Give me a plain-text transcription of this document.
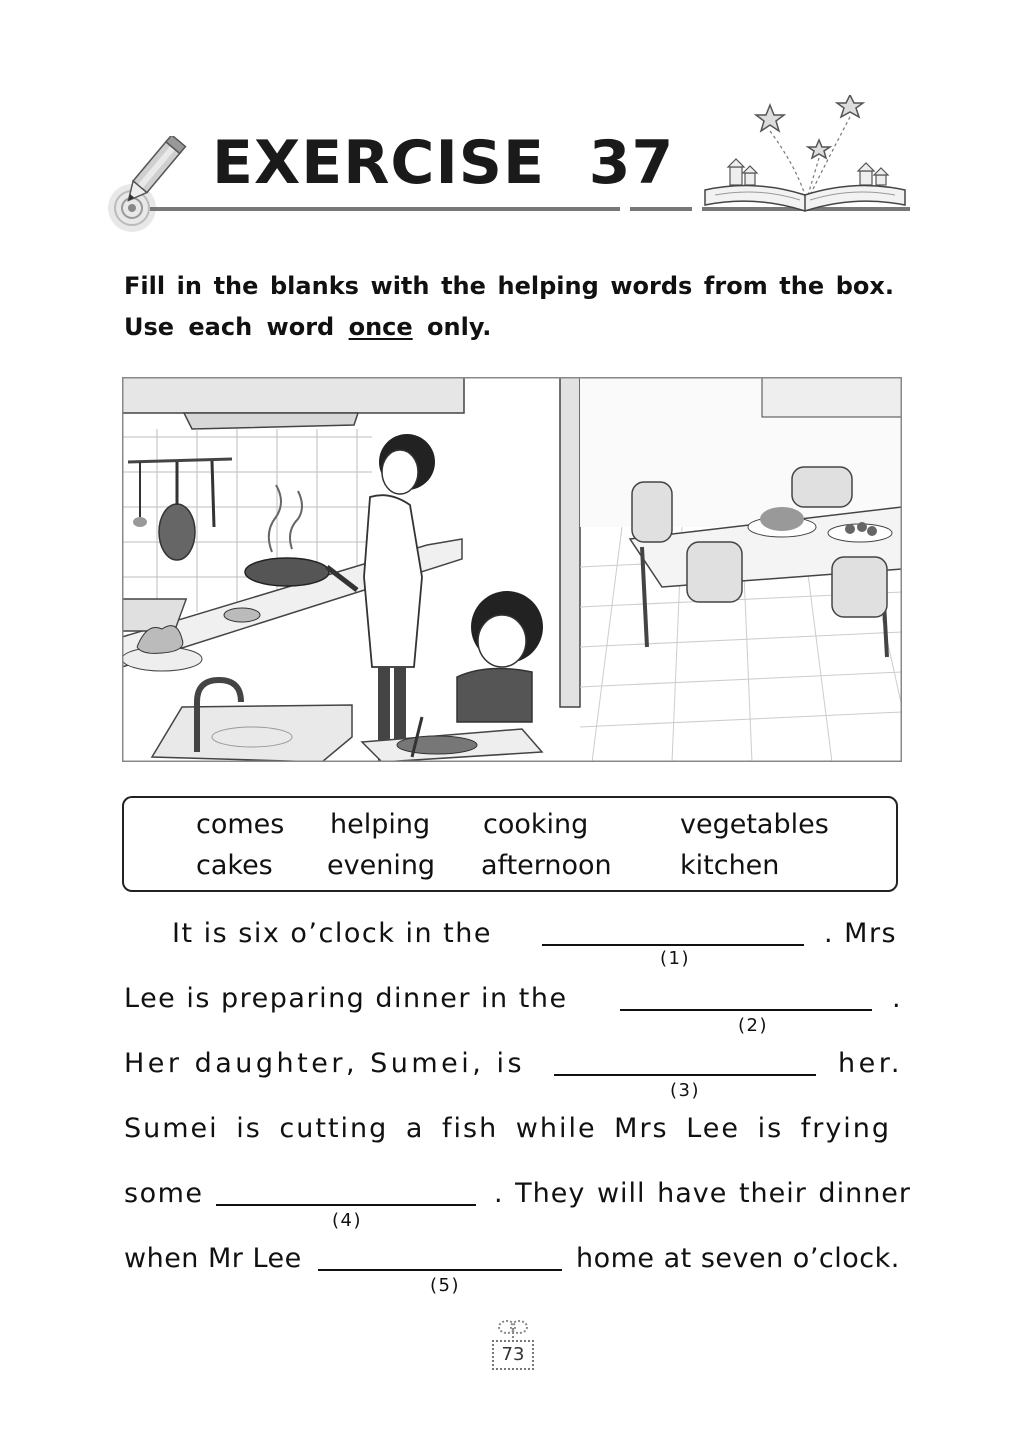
EXERCISE  37
Fill in the blanks with the helping words from the box.
Use each word once only.
comes helping cooking	vegetables
cakes evening afternoon	kitchen
It is six o’clock in the	. Mrs
(1)
Lee is preparing dinner in the	.
(2)
Her daughter, Sumei, is	her.
(3)
Sumei is cutting a fish while Mrs Lee is frying
some	. They will have their dinner
(4)
when Mr Lee	home at seven o’clock.
(5)
73
